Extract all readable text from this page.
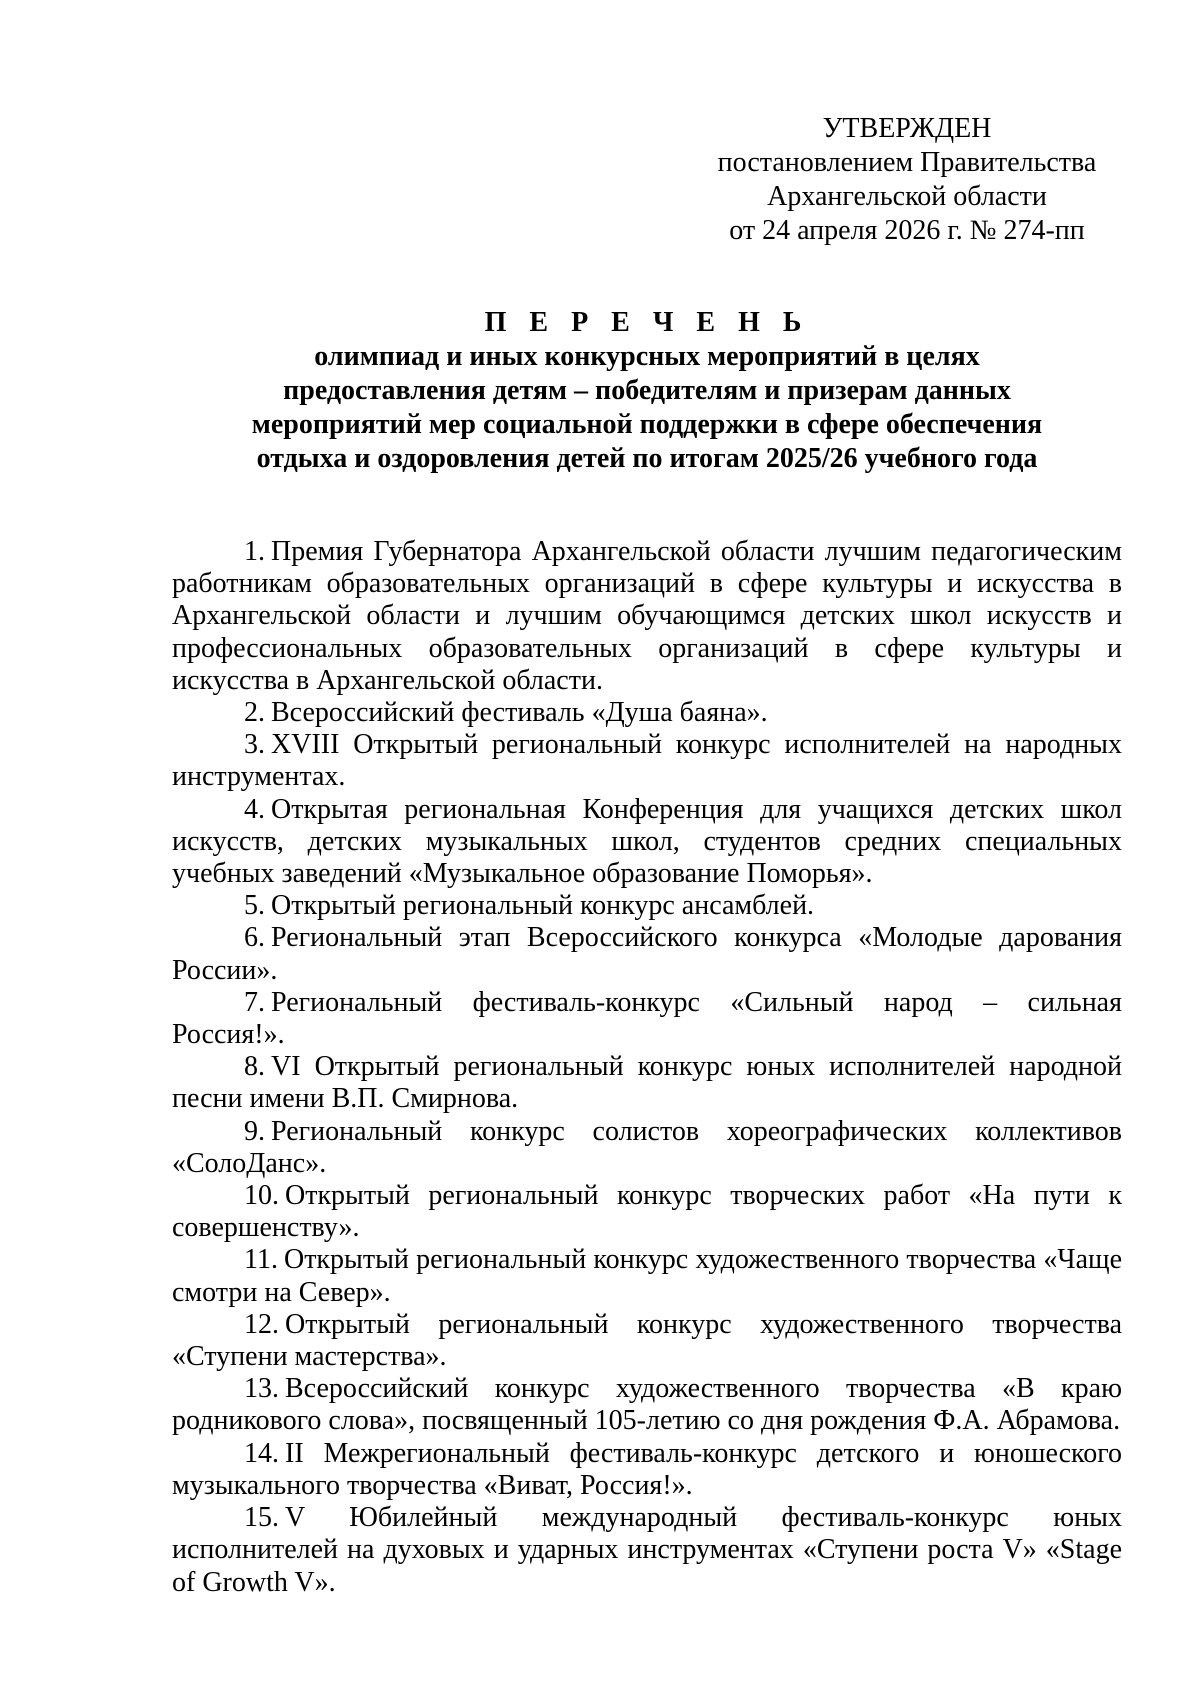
УТВЕРЖДЕН
постановлением Правительства
Архангельской области
от 24 апреля 2026 г. № 274-пп
П Е Р Е Ч Е Н Ь
олимпиад и иных конкурсных мероприятий в целях
предоставления детям – победителям и призерам данных
мероприятий мер социальной поддержки в сфере обеспечения
отдыха и оздоровления детей по итогам 2025/26 учебного года

1. Премия Губернатора Архангельской области лучшим педагогическим работникам образовательных организаций в сфере культуры и искусства в Архангельской области и лучшим обучающимся детских школ искусств и профессиональных образовательных организаций в сфере культуры и искусства в Архангельской области.

2. Всероссийский фестиваль «Душа баяна».

3. XVIII Открытый региональный конкурс исполнителей на народных инструментах.

4. Открытая региональная Конференция для учащихся детских школ искусств, детских музыкальных школ, студентов средних специальных учебных заведений «Музыкальное образование Поморья».

5. Открытый региональный конкурс ансамблей.

6. Региональный этап Всероссийского конкурса «Молодые дарования России».

7. Региональный фестиваль-конкурс «Сильный народ – сильная Россия!».

8. VI Открытый региональный конкурс юных исполнителей народной песни имени В.П. Смирнова.

9. Региональный конкурс солистов хореографических коллективов «СолоДанс».

10. Открытый региональный конкурс творческих работ «На пути к совершенству».

11. Открытый региональный конкурс художественного творчества «Чаще смотри на Север».

12. Открытый региональный конкурс художественного творчества «Ступени мастерства».

13. Всероссийский конкурс художественного творчества «В краю родникового слова», посвященный 105-летию со дня рождения Ф.А. Абрамова.

14. II Межрегиональный фестиваль-конкурс детского и юношеского музыкального творчества «Виват, Россия!».

15. V Юбилейный международный фестиваль-конкурс юных исполнителей на духовых и ударных инструментах «Ступени роста V» «Stage of Growth V».
